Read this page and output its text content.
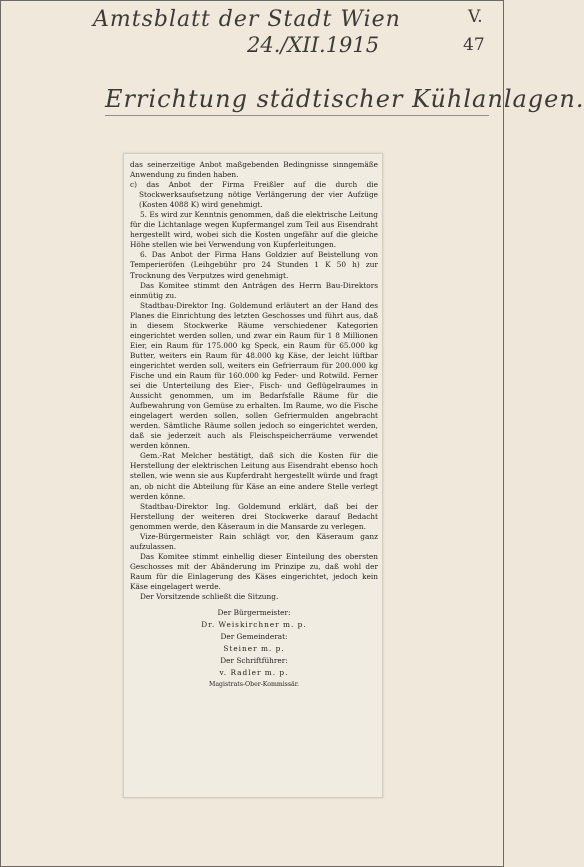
Amtsblatt der Stadt Wien	V.
24./XII.1915	47
Errichtung städtischer Kühlanlagen.

das seinerzeitige Anbot maßgebenden Bedingnisse sinngemäße Anwendung zu finden haben.

c) das Anbot der Firma Freißler auf die durch die Stockwerksaufsetzung nötige Verlängerung der vier Aufzüge (Kosten 4088 K) wird genehmigt.

5. Es wird zur Kenntnis genommen, daß die elektrische Leitung für die Lichtanlage wegen Kupfermangel zum Teil aus Eisendraht hergestellt wird, wobei sich die Kosten ungefähr auf die gleiche Höhe stellen wie bei Verwendung von Kupferleitungen.

6. Das Anbot der Firma Hans Goldzier auf Beistellung von Temperieröfen (Leihgebühr pro 24 Stunden 1 K 50 h) zur Trocknung des Verputzes wird genehmigt.

Das Komitee stimmt den Anträgen des Herrn Bau-Direktors einmütig zu.

Stadtbau-Direktor Ing. Goldemund erläutert an der Hand des Planes die Einrichtung des letzten Geschosses und führt aus, daß in diesem Stockwerke Räume verschiedener Kategorien eingerichtet werden sollen, und zwar ein Raum für 1 8 Millionen Eier, ein Raum für 175.000 kg Speck, ein Raum für 65.000 kg Butter, weiters ein Raum für 48.000 kg Käse, der leicht lüftbar eingerichtet werden soll, weiters ein Gefrierraum für 200.000 kg Fische und ein Raum für 160.000 kg Feder- und Rotwild. Ferner sei die Unterteilung des Eier-, Fisch- und Geflügelraumes in Aussicht genommen, um im Bedarfsfalle Räume für die Aufbewahrung von Gemüse zu erhalten. Im Raume, wo die Fische eingelagert werden sollen, sollen Gefriermulden angebracht werden. Sämtliche Räume sollen jedoch so eingerichtet werden, daß sie jederzeit auch als Fleischspeicherräume verwendet werden können.

Gem.-Rat Melcher bestätigt, daß sich die Kosten für die Herstellung der elektrischen Leitung aus Eisendraht ebenso hoch stellen, wie wenn sie aus Kupferdraht hergestellt würde und fragt an, ob nicht die Abteilung für Käse an eine andere Stelle verlegt werden könne.

Stadtbau-Direktor Ing. Goldemund erklärt, daß bei der Herstellung der weiteren drei Stockwerke darauf Bedacht genommen werde, den Käseraum in die Mansarde zu verlegen.

Vize-Bürgermeister Rain schlägt vor, den Käseraum ganz aufzulassen.

Das Komitee stimmt einhellig dieser Einteilung des obersten Geschosses mit der Abänderung im Prinzipe zu, daß wohl der Raum für die Einlagerung des Käses eingerichtet, jedoch kein Käse eingelagert werde.

Der Vorsitzende schließt die Sitzung.

Der Bürgermeister:

Dr. Weiskirchner m. p.

Der Gemeinderat:

Steiner m. p.

Der Schriftführer:

v. Radler m. p.

Magistrats-Ober-Kommissär.
